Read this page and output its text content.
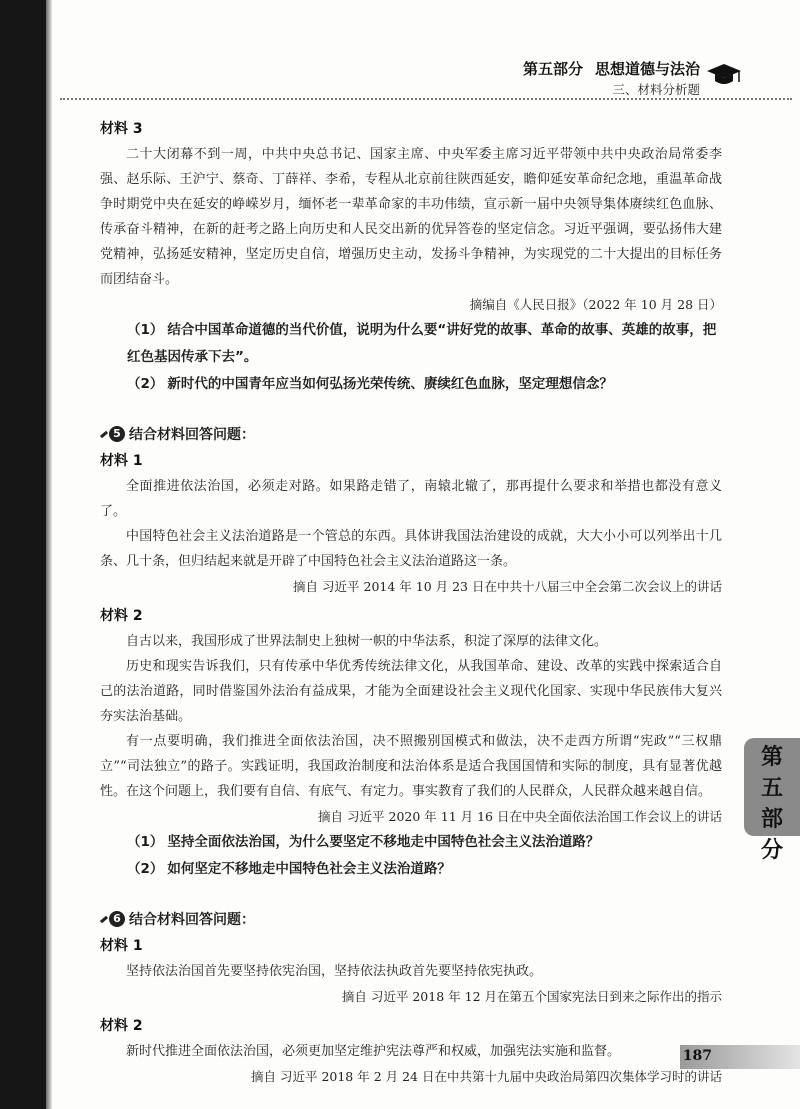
第五部分 思想道德与法治
三、材料分析题
材料 3

二十大闭幕不到一周，中共中央总书记、国家主席、中央军委主席习近平带领中共中央政治局常委李强、赵乐际、王沪宁、蔡奇、丁薛祥、李希，专程从北京前往陕西延安，瞻仰延安革命纪念地，重温革命战争时期党中央在延安的峥嵘岁月，缅怀老一辈革命家的丰功伟绩，宣示新一届中央领导集体赓续红色血脉、传承奋斗精神，在新的赶考之路上向历史和人民交出新的优异答卷的坚定信念。习近平强调，要弘扬伟大建党精神，弘扬延安精神，坚定历史自信，增强历史主动，发扬斗争精神，为实现党的二十大提出的目标任务而团结奋斗。

摘编自《人民日报》（2022 年 10 月 28 日）

（1） 结合中国革命道德的当代价值，说明为什么要“讲好党的故事、革命的故事、英雄的故事，把红色基因传承下去”。

（2） 新时代的中国青年应当如何弘扬光荣传统、赓续红色血脉，坚定理想信念？

5 结合材料回答问题：
材料 1

全面推进依法治国，必须走对路。如果路走错了，南辕北辙了，那再提什么要求和举措也都没有意义了。

中国特色社会主义法治道路是一个管总的东西。具体讲我国法治建设的成就，大大小小可以列举出十几条、几十条，但归结起来就是开辟了中国特色社会主义法治道路这一条。

摘自 习近平 2014 年 10 月 23 日在中共十八届三中全会第二次会议上的讲话

材料 2

自古以来，我国形成了世界法制史上独树一帜的中华法系，积淀了深厚的法律文化。

历史和现实告诉我们，只有传承中华优秀传统法律文化，从我国革命、建设、改革的实践中探索适合自己的法治道路，同时借鉴国外法治有益成果，才能为全面建设社会主义现代化国家、实现中华民族伟大复兴夯实法治基础。

有一点要明确，我们推进全面依法治国，决不照搬别国模式和做法，决不走西方所谓“宪政”“三权鼎立”“司法独立”的路子。实践证明，我国政治制度和法治体系是适合我国国情和实际的制度，具有显著优越性。在这个问题上，我们要有自信、有底气、有定力。事实教育了我们的人民群众，人民群众越来越自信。

摘自 习近平 2020 年 11 月 16 日在中央全面依法治国工作会议上的讲话

（1） 坚持全面依法治国，为什么要坚定不移地走中国特色社会主义法治道路？

（2） 如何坚定不移地走中国特色社会主义法治道路？

6 结合材料回答问题：
材料 1

坚持依法治国首先要坚持依宪治国，坚持依法执政首先要坚持依宪执政。

摘自 习近平 2018 年 12 月在第五个国家宪法日到来之际作出的指示

材料 2

新时代推进全面依法治国，必须更加坚定维护宪法尊严和权威，加强宪法实施和监督。

摘自 习近平 2018 年 2 月 24 日在中共第十九届中央政治局第四次集体学习时的讲话

第五部分
187
